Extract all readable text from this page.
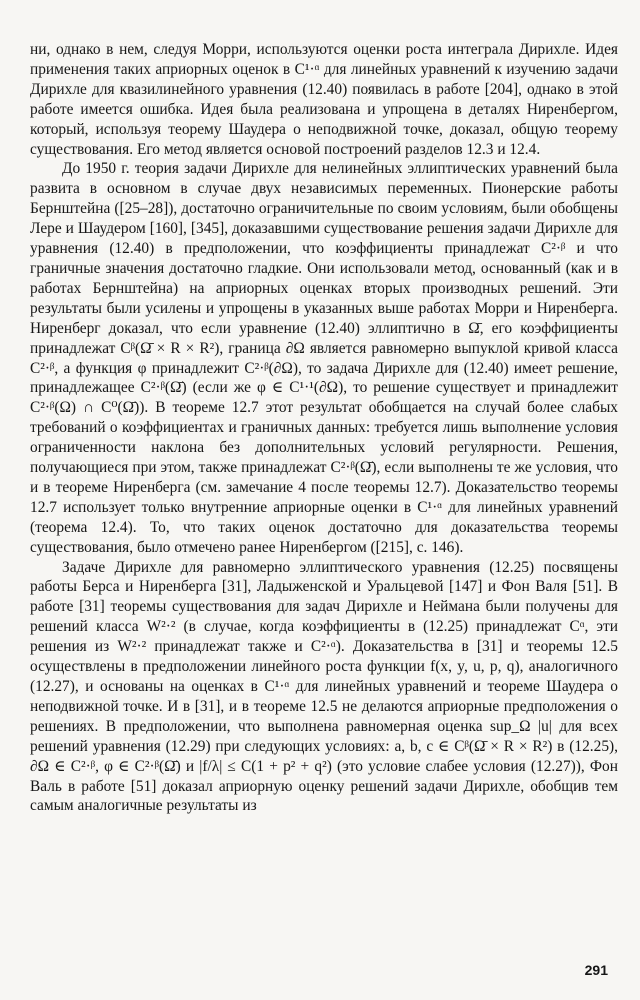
ни, однако в нем, следуя Морри, используются оценки роста интеграла Дирихле. Идея применения таких априорных оценок в C¹·ᵅ для линейных уравнений к изучению задачи Дирихле для квазилинейного уравнения (12.40) появилась в работе [204], однако в этой работе имеется ошибка. Идея была реализована и упрощена в деталях Ниренбергом, который, используя теорему Шаудера о неподвижной точке, доказал, общую теорему существования. Его метод является основой построений разделов 12.3 и 12.4.

До 1950 г. теория задачи Дирихле для нелинейных эллиптических уравнений была развита в основном в случае двух независимых переменных. Пионерские работы Бернштейна ([25–28]), достаточно ограничительные по своим условиям, были обобщены Лере и Шаудером [160], [345], доказавшими существование решения задачи Дирихле для уравнения (12.40) в предположении, что коэффициенты принадлежат C²·ᵝ и что граничные значения достаточно гладкие. Они использовали метод, основанный (как и в работах Бернштейна) на априорных оценках вторых производных решений. Эти результаты были усилены и упрощены в указанных выше работах Морри и Ниренберга. Ниренберг доказал, что если уравнение (12.40) эллиптично в Ω̄, его коэффициенты принадлежат Cᵝ(Ω̄ × R × R²), граница ∂Ω является равномерно выпуклой кривой класса C²·ᵝ, а функция φ принадлежит C²·ᵝ(∂Ω), то задача Дирихле для (12.40) имеет решение, принадлежащее C²·ᵝ(Ω̄) (если же φ ∈ C¹·¹(∂Ω), то решение существует и принадлежит C²·ᵝ(Ω) ∩ C⁰(Ω̄)). В теореме 12.7 этот результат обобщается на случай более слабых требований о коэффициентах и граничных данных: требуется лишь выполнение условия ограниченности наклона без дополнительных условий регулярности. Решения, получающиеся при этом, также принадлежат C²·ᵝ(Ω̄), если выполнены те же условия, что и в теореме Ниренберга (см. замечание 4 после теоремы 12.7). Доказательство теоремы 12.7 использует только внутренние априорные оценки в C¹·ᵅ для линейных уравнений (теорема 12.4). То, что таких оценок достаточно для доказательства теоремы существования, было отмечено ранее Ниренбергом ([215], с. 146).

Задаче Дирихле для равномерно эллиптического уравнения (12.25) посвящены работы Берса и Ниренберга [31], Ладыженской и Уральцевой [147] и Фон Валя [51]. В работе [31] теоремы существования для задач Дирихле и Неймана были получены для решений класса W²·² (в случае, когда коэффициенты в (12.25) принадлежат Cᵅ, эти решения из W²·² принадлежат также и C²·ᵅ). Доказательства в [31] и теоремы 12.5 осуществлены в предположении линейного роста функции f(x, y, u, p, q), аналогичного (12.27), и основаны на оценках в C¹·ᵅ для линейных уравнений и теореме Шаудера о неподвижной точке. И в [31], и в теореме 12.5 не делаются априорные предположения о решениях. В предположении, что выполнена равномерная оценка sup_Ω |u| для всех решений уравнения (12.29) при следующих условиях: a, b, c ∈ Cᵝ(Ω̄ × R × R²) в (12.25), ∂Ω ∈ C²·ᵝ, φ ∈ C²·ᵝ(Ω̄) и |f/λ| ≤ C(1 + p² + q²) (это условие слабее условия (12.27)), Фон Валь в работе [51] доказал априорную оценку решений задачи Дирихле, обобщив тем самым аналогичные результаты из

291
